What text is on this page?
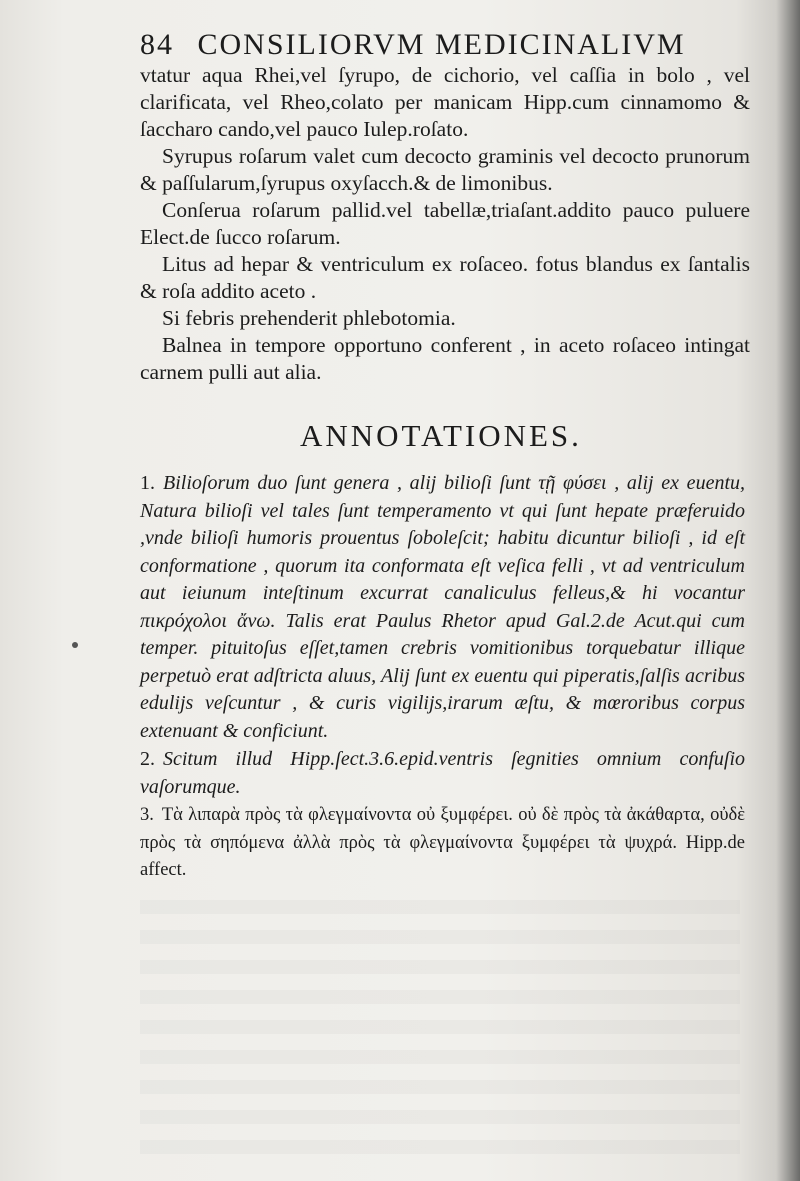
84 CONSILIORVM MEDICINALIVM

vtatur aqua Rhei,vel ſyrupo, de cichorio, vel caſſia in bolo , vel clarificata, vel Rheo,colato per manicam Hipp.cum cinnamomo & ſaccharo cando,vel pauco Iulep.roſato.

Syrupus roſarum valet cum decocto graminis vel decocto prunorum & paſſularum,ſyrupus oxyſacch.& de limonibus.

Conſerua roſarum pallid.vel tabellæ,triaſant.addito pauco puluere Elect.de ſucco roſarum.

Litus ad hepar & ventriculum ex roſaceo. fotus blandus ex ſantalis & roſa addito aceto .

Si febris prehenderit phlebotomia.

Balnea in tempore opportuno conferent , in aceto roſaceo intingat carnem pulli aut alia.

ANNOTATIONES.

1. Bilioſorum duo ſunt genera , alij bilioſi ſunt τῇ φύσει , alij ex euentu, Natura bilioſi vel tales ſunt temperamento vt qui ſunt hepate præferuido ,vnde bilioſi humoris prouentus ſoboleſcit; habitu dicuntur bilioſi , id eſt conformatione , quorum ita conformata eſt veſica felli , vt ad ventriculum aut ieiunum inteſtinum excurrat canaliculus felleus,& hi vocantur πικρόχολοι ἄνω. Talis erat Paulus Rhetor apud Gal.2.de Acut.qui cum temper. pituitoſus eſſet,tamen crebris vomitionibus torquebatur illique perpetuò erat adſtricta aluus, Alij ſunt ex euentu qui piperatis,ſalſis acribus edulijs veſcuntur , & curis vigilijs,irarum æſtu, & mœroribus corpus extenuant & conficiunt.

2. Scitum illud Hipp.ſect.3.6.epid.ventris ſegnities omnium confuſio vaſorumque.

3. Τὰ λιπαρὰ πρὸς τὰ φλεγμαίνοντα οὐ ξυμφέρει. οὐ δὲ πρὸς τὰ ἀκάθαρτα, οὐδὲ πρὸς τὰ σηπόμενα ἀλλὰ πρὸς τὰ φλεγμαίνοντα ξυμφέρει τὰ ψυχρά. Hipp.de affect.
